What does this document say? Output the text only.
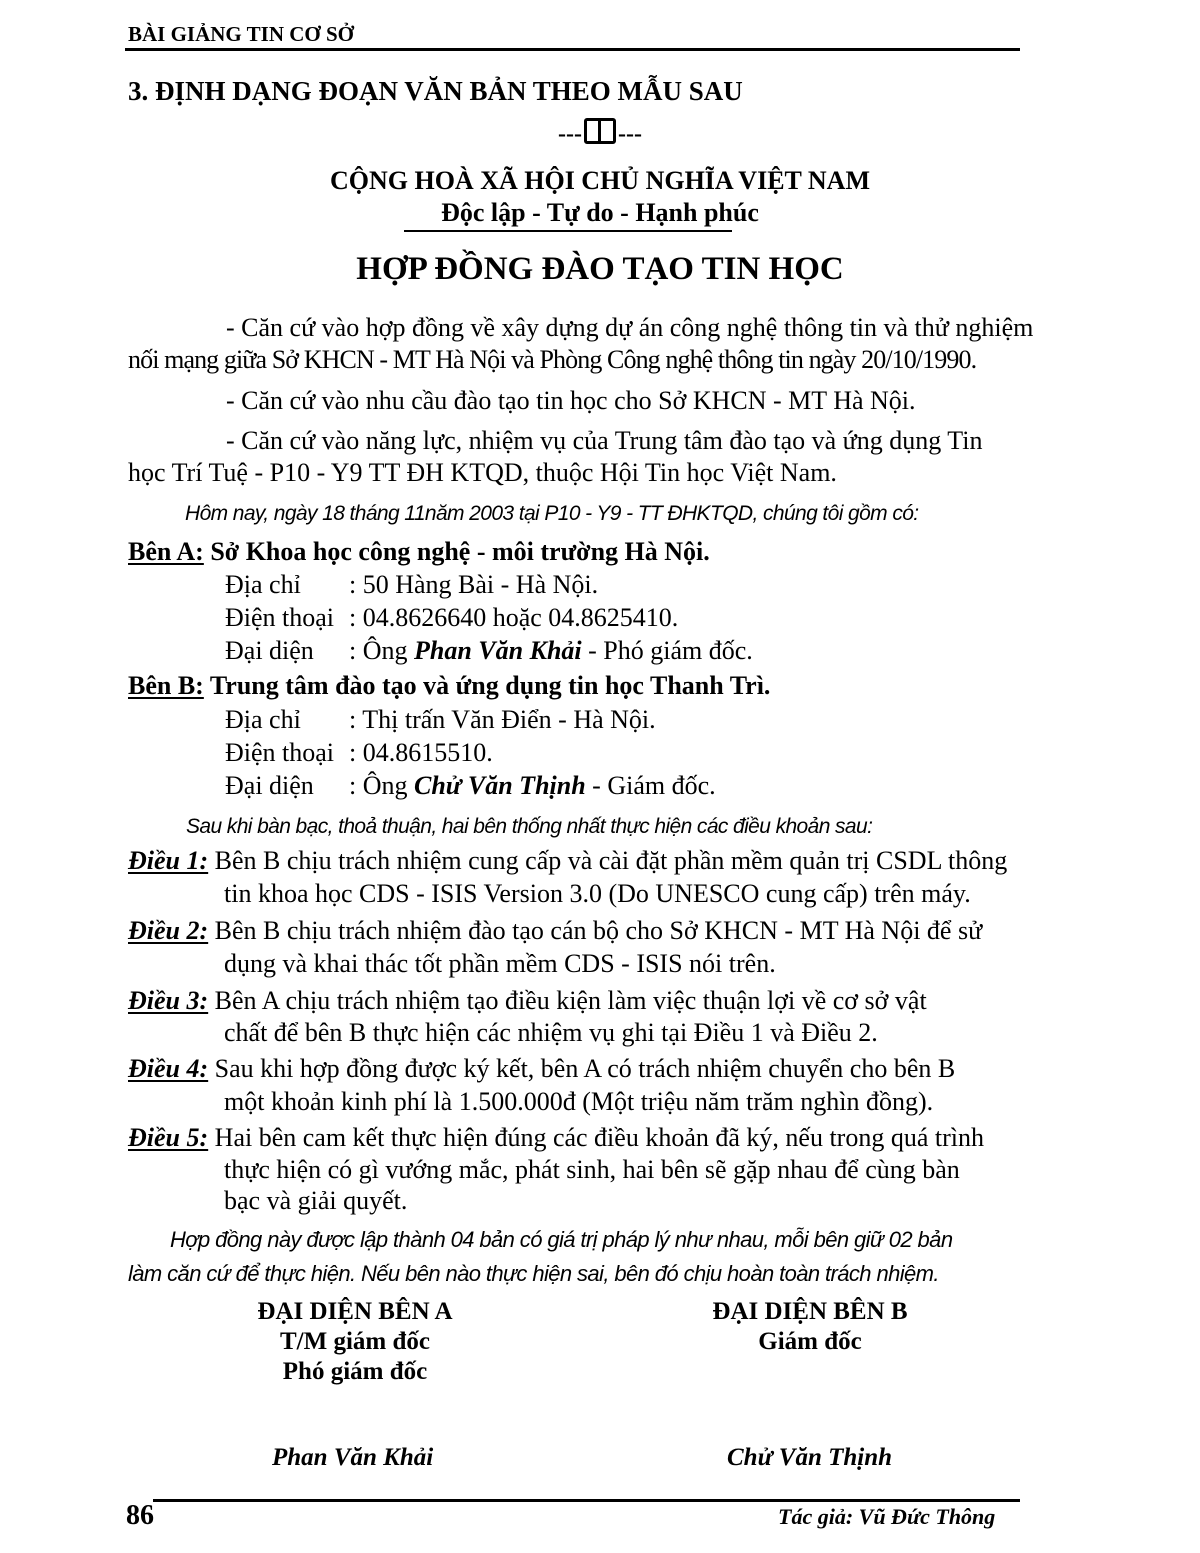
BÀI GIẢNG TIN CƠ SỞ
3. ĐỊNH DẠNG ĐOẠN VĂN BẢN THEO MẪU SAU
--- ---
CỘNG HOÀ XÃ HỘI CHỦ NGHĨA VIỆT NAM
Độc lập - Tự do - Hạnh phúc
HỢP ĐỒNG ĐÀO TẠO TIN HỌC
- Căn cứ vào hợp đồng về xây dựng dự án công nghệ thông tin và thử nghiệm
nối mạng giữa Sở KHCN - MT Hà Nội và Phòng Công nghệ thông tin ngày 20/10/1990.
- Căn cứ vào nhu cầu đào tạo tin học cho Sở KHCN - MT Hà Nội.
- Căn cứ vào năng lực, nhiệm vụ của Trung tâm đào tạo và ứng dụng Tin
học Trí Tuệ - P10 - Y9 TT ĐH KTQD, thuộc Hội Tin học Việt Nam.
Hôm nay, ngày 18 tháng 11năm 2003 tại P10 - Y9 - TT ĐHKTQD, chúng tôi gồm có:
Bên A: Sở Khoa học công nghệ - môi trường Hà Nội.
Địa chỉ : 50 Hàng Bài - Hà Nội.
Điện thoại : 04.8626640 hoặc 04.8625410.
Đại diện : Ông Phan Văn Khải - Phó giám đốc.
Bên B: Trung tâm đào tạo và ứng dụng tin học Thanh Trì.
Địa chỉ : Thị trấn Văn Điển - Hà Nội.
Điện thoại : 04.8615510.
Đại diện : Ông Chử Văn Thịnh - Giám đốc.
Sau khi bàn bạc, thoả thuận, hai bên thống nhất thực hiện các điều khoản sau:
Điều 1: Bên B chịu trách nhiệm cung cấp và cài đặt phần mềm quản trị CSDL thông
tin khoa học CDS - ISIS Version 3.0 (Do UNESCO cung cấp) trên máy.
Điều 2: Bên B chịu trách nhiệm đào tạo cán bộ cho Sở KHCN - MT Hà Nội để sử
dụng và khai thác tốt phần mềm CDS - ISIS nói trên.
Điều 3: Bên A chịu trách nhiệm tạo điều kiện làm việc thuận lợi về cơ sở vật
chất để bên B thực hiện các nhiệm vụ ghi tại Điều 1 và Điều 2.
Điều 4: Sau khi hợp đồng được ký kết, bên A có trách nhiệm chuyển cho bên B
một khoản kinh phí là 1.500.000đ (Một triệu năm trăm nghìn đồng).
Điều 5: Hai bên cam kết thực hiện đúng các điều khoản đã ký, nếu trong quá trình
thực hiện có gì vướng mắc, phát sinh, hai bên sẽ gặp nhau để cùng bàn
bạc và giải quyết.
Hợp đồng này được lập thành 04 bản có giá trị pháp lý như nhau, mỗi bên giữ 02 bản
làm căn cứ để thực hiện. Nếu bên nào thực hiện sai, bên đó chịu hoàn toàn trách nhiệm.
ĐẠI DIỆN BÊN A
T/M giám đốc
Phó giám đốc
ĐẠI DIỆN BÊN B
Giám đốc
Phan Văn Khải	Chử Văn Thịnh
86	Tác giả: Vũ Đức Thông
